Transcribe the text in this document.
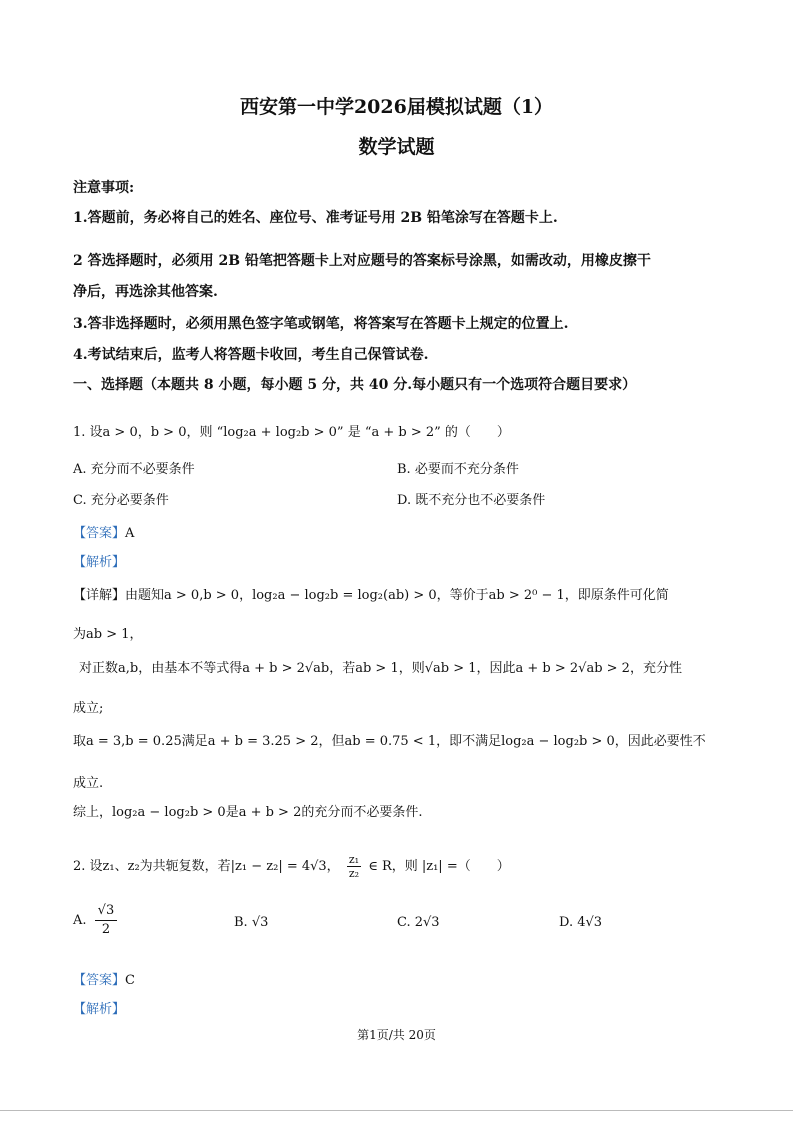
西安第一中学2026届模拟试题（1）
数学试题
注意事项:
1.答题前，务必将自己的姓名、座位号、准考证号用 2B 铅笔涂写在答题卡上.
2 答选择题时，必须用 2B 铅笔把答题卡上对应题号的答案标号涂黑，如需改动，用橡皮擦干
净后，再选涂其他答案.
3.答非选择题时，必须用黑色签字笔或钢笔，将答案写在答题卡上规定的位置上.
4.考试结束后，监考人将答题卡收回，考生自己保管试卷.
一、选择题（本题共 8 小题，每小题 5 分，共 40 分.每小题只有一个选项符合题目要求）
1. 设a > 0，b > 0，则 “log₂a + log₂b > 0” 是 “a + b > 2” 的（　　）
A. 充分而不必要条件	B. 必要而不充分条件
C. 充分必要条件	D. 既不充分也不必要条件
【答案】A
【解析】
【详解】由题知a > 0,b > 0，log₂a − log₂b = log₂(ab) > 0，等价于ab > 2⁰ − 1，即原条件可化简
为ab > 1，
对正数a,b，由基本不等式得a + b > 2√ab，若ab > 1，则√ab > 1，因此a + b > 2√ab > 2，充分性
成立;
取a = 3,b = 0.25满足a + b = 3.25 > 2，但ab = 0.75 < 1，即不满足log₂a − log₂b > 0，因此必要性不
成立.
综上，log₂a − log₂b > 0是a + b > 2的充分而不必要条件.
2. 设z₁、z₂为共轭复数，若|z₁ − z₂| = 4√3， $\frac{\text{z₁}}{\text{z₂}}$ ∈ R，则 |z₁| =（　　）
A. $\frac{√3}{2}$	B. √3	C. 2√3	D. 4√3
【答案】C
【解析】
第1页/共 20页
